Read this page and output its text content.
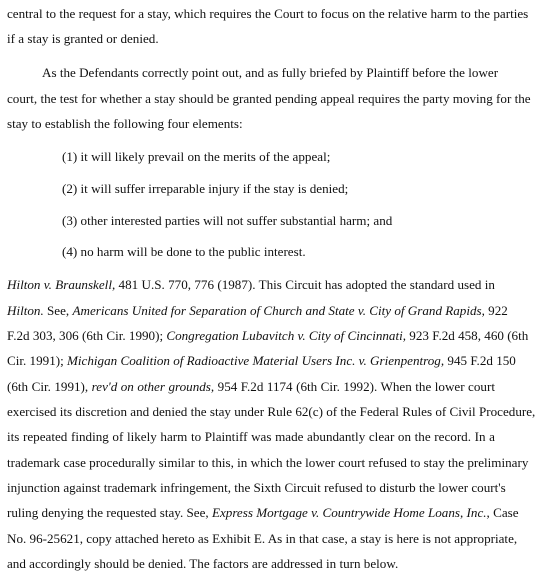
central to the request for a stay, which requires the Court to focus on the relative harm to the parties
if a stay is granted or denied.
As the Defendants correctly point out, and as fully briefed by Plaintiff before the lower
court, the test for whether a stay should be granted pending appeal requires the party moving for the
stay to establish the following four elements:
(1) it will likely prevail on the merits of the appeal;
(2) it will suffer irreparable injury if the stay is denied;
(3) other interested parties will not suffer substantial harm; and
(4) no harm will be done to the public interest.
Hilton v. Braunskell, 481 U.S. 770, 776 (1987). This Circuit has adopted the standard used in
Hilton. See, Americans United for Separation of Church and State v. City of Grand Rapids, 922
F.2d 303, 306 (6th Cir. 1990); Congregation Lubavitch v. City of Cincinnati, 923 F.2d 458, 460 (6th
Cir. 1991); Michigan Coalition of Radioactive Material Users Inc. v. Grienpentrog, 945 F.2d 150
(6th Cir. 1991), rev'd on other grounds, 954 F.2d 1174 (6th Cir. 1992). When the lower court
exercised its discretion and denied the stay under Rule 62(c) of the Federal Rules of Civil Procedure,
its repeated finding of likely harm to Plaintiff was made abundantly clear on the record. In a
trademark case procedurally similar to this, in which the lower court refused to stay the preliminary
injunction against trademark infringement, the Sixth Circuit refused to disturb the lower court's
ruling denying the requested stay. See, Express Mortgage v. Countrywide Home Loans, Inc., Case
No. 96-25621, copy attached hereto as Exhibit E. As in that case, a stay is here is not appropriate,
and accordingly should be denied. The factors are addressed in turn below.
